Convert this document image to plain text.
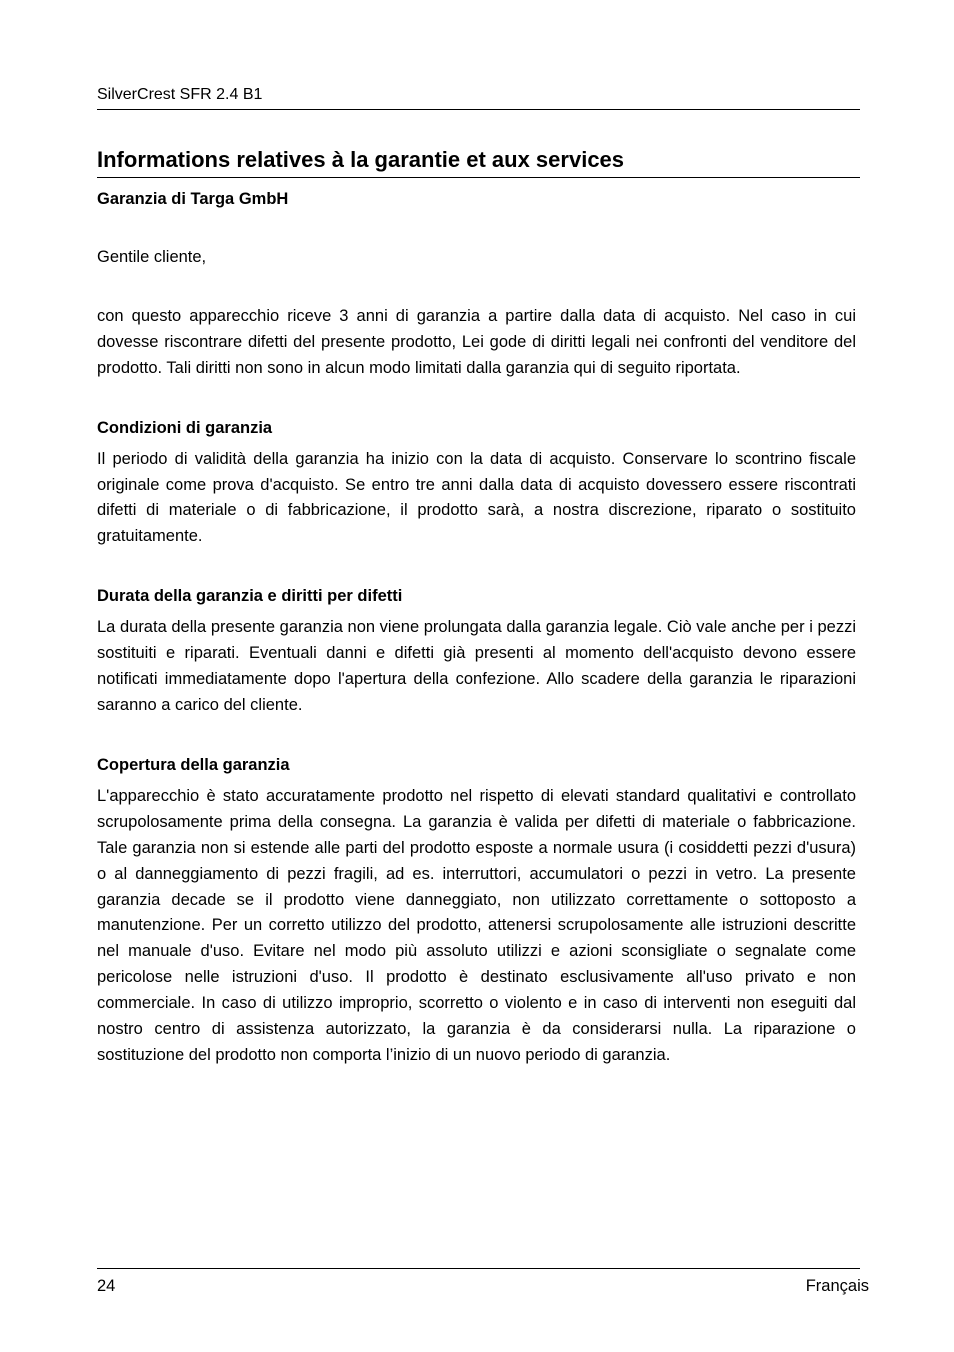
SilverCrest SFR 2.4 B1
Informations relatives à la garantie et aux services
Garanzia di Targa GmbH

Gentile cliente,

con questo apparecchio riceve 3 anni di garanzia a partire dalla data di acquisto. Nel caso in cui dovesse riscontrare difetti del presente prodotto, Lei gode di diritti legali nei confronti del venditore del prodotto. Tali diritti non sono in alcun modo limitati dalla garanzia qui di seguito riportata.

Condizioni di garanzia

Il periodo di validità della garanzia ha inizio con la data di acquisto. Conservare lo scontrino fiscale originale come prova d'acquisto. Se entro tre anni dalla data di acquisto dovessero essere riscontrati difetti di materiale o di fabbricazione, il prodotto sarà, a nostra discrezione, riparato o sostituito gratuitamente.

Durata della garanzia e diritti per difetti

La durata della presente garanzia non viene prolungata dalla garanzia legale. Ciò vale anche per i pezzi sostituiti e riparati. Eventuali danni e difetti già presenti al momento dell'acquisto devono essere notificati immediatamente dopo l'apertura della confezione. Allo scadere della garanzia le riparazioni saranno a carico del cliente.

Copertura della garanzia

L'apparecchio è stato accuratamente prodotto nel rispetto di elevati standard qualitativi e controllato scrupolosamente prima della consegna. La garanzia è valida per difetti di materiale o fabbricazione. Tale garanzia non si estende alle parti del prodotto esposte a normale usura (i cosiddetti pezzi d'usura) o al danneggiamento di pezzi fragili, ad es. interruttori, accumulatori o pezzi in vetro. La presente garanzia decade se il prodotto viene danneggiato, non utilizzato correttamente o sottoposto a manutenzione. Per un corretto utilizzo del prodotto, attenersi scrupolosamente alle istruzioni descritte nel manuale d'uso. Evitare nel modo più assoluto utilizzi e azioni sconsigliate o segnalate come pericolose nelle istruzioni d'uso. Il prodotto è destinato esclusivamente all'uso privato e non commerciale. In caso di utilizzo improprio, scorretto o violento e in caso di interventi non eseguiti dal nostro centro di assistenza autorizzato, la garanzia è da considerarsi nulla. La riparazione o sostituzione del prodotto non comporta l’inizio di un nuovo periodo di garanzia.

24	Français
